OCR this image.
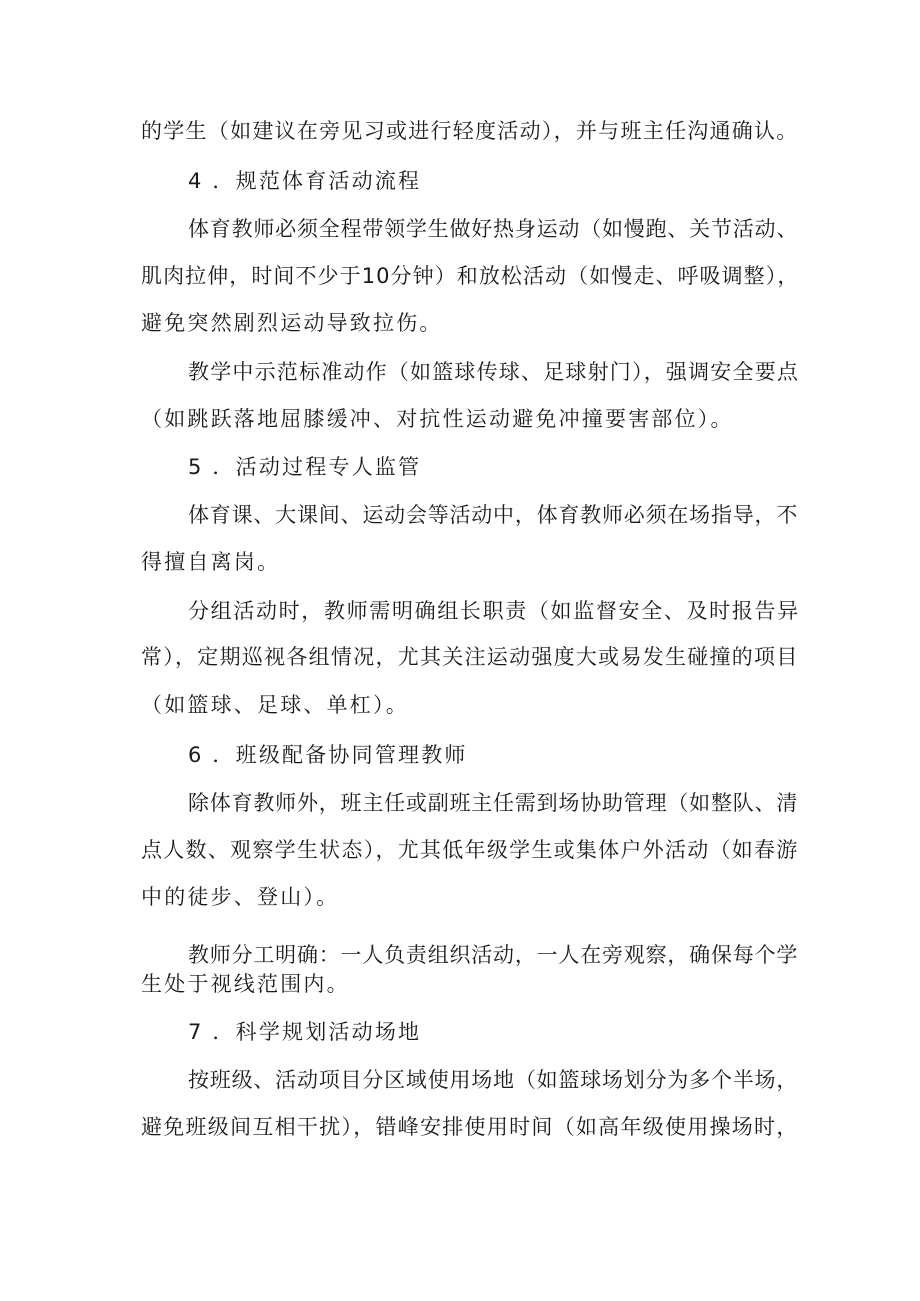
的学生（如建议在旁见习或进行轻度活动），并与班主任沟通确认。
4 ．规范体育活动流程
体育教师必须全程带领学生做好热身运动（如慢跑、关节活动、
肌肉拉伸，时间不少于10分钟）和放松活动（如慢走、呼吸调整），
避免突然剧烈运动导致拉伤。
教学中示范标准动作（如篮球传球、足球射门），强调安全要点
（如跳跃落地屈膝缓冲、对抗性运动避免冲撞要害部位）。
5 ．活动过程专人监管
体育课、大课间、运动会等活动中，体育教师必须在场指导，不
得擅自离岗。
分组活动时，教师需明确组长职责（如监督安全、及时报告异
常），定期巡视各组情况，尤其关注运动强度大或易发生碰撞的项目
（如篮球、足球、单杠）。
6 ．班级配备协同管理教师
除体育教师外，班主任或副班主任需到场协助管理（如整队、清
点人数、观察学生状态），尤其低年级学生或集体户外活动（如春游
中的徒步、登山）。
教师分工明确：一人负责组织活动，一人在旁观察，确保每个学
生处于视线范围内。
7 ．科学规划活动场地
按班级、活动项目分区域使用场地（如篮球场划分为多个半场，
避免班级间互相干扰），错峰安排使用时间（如高年级使用操场时，
